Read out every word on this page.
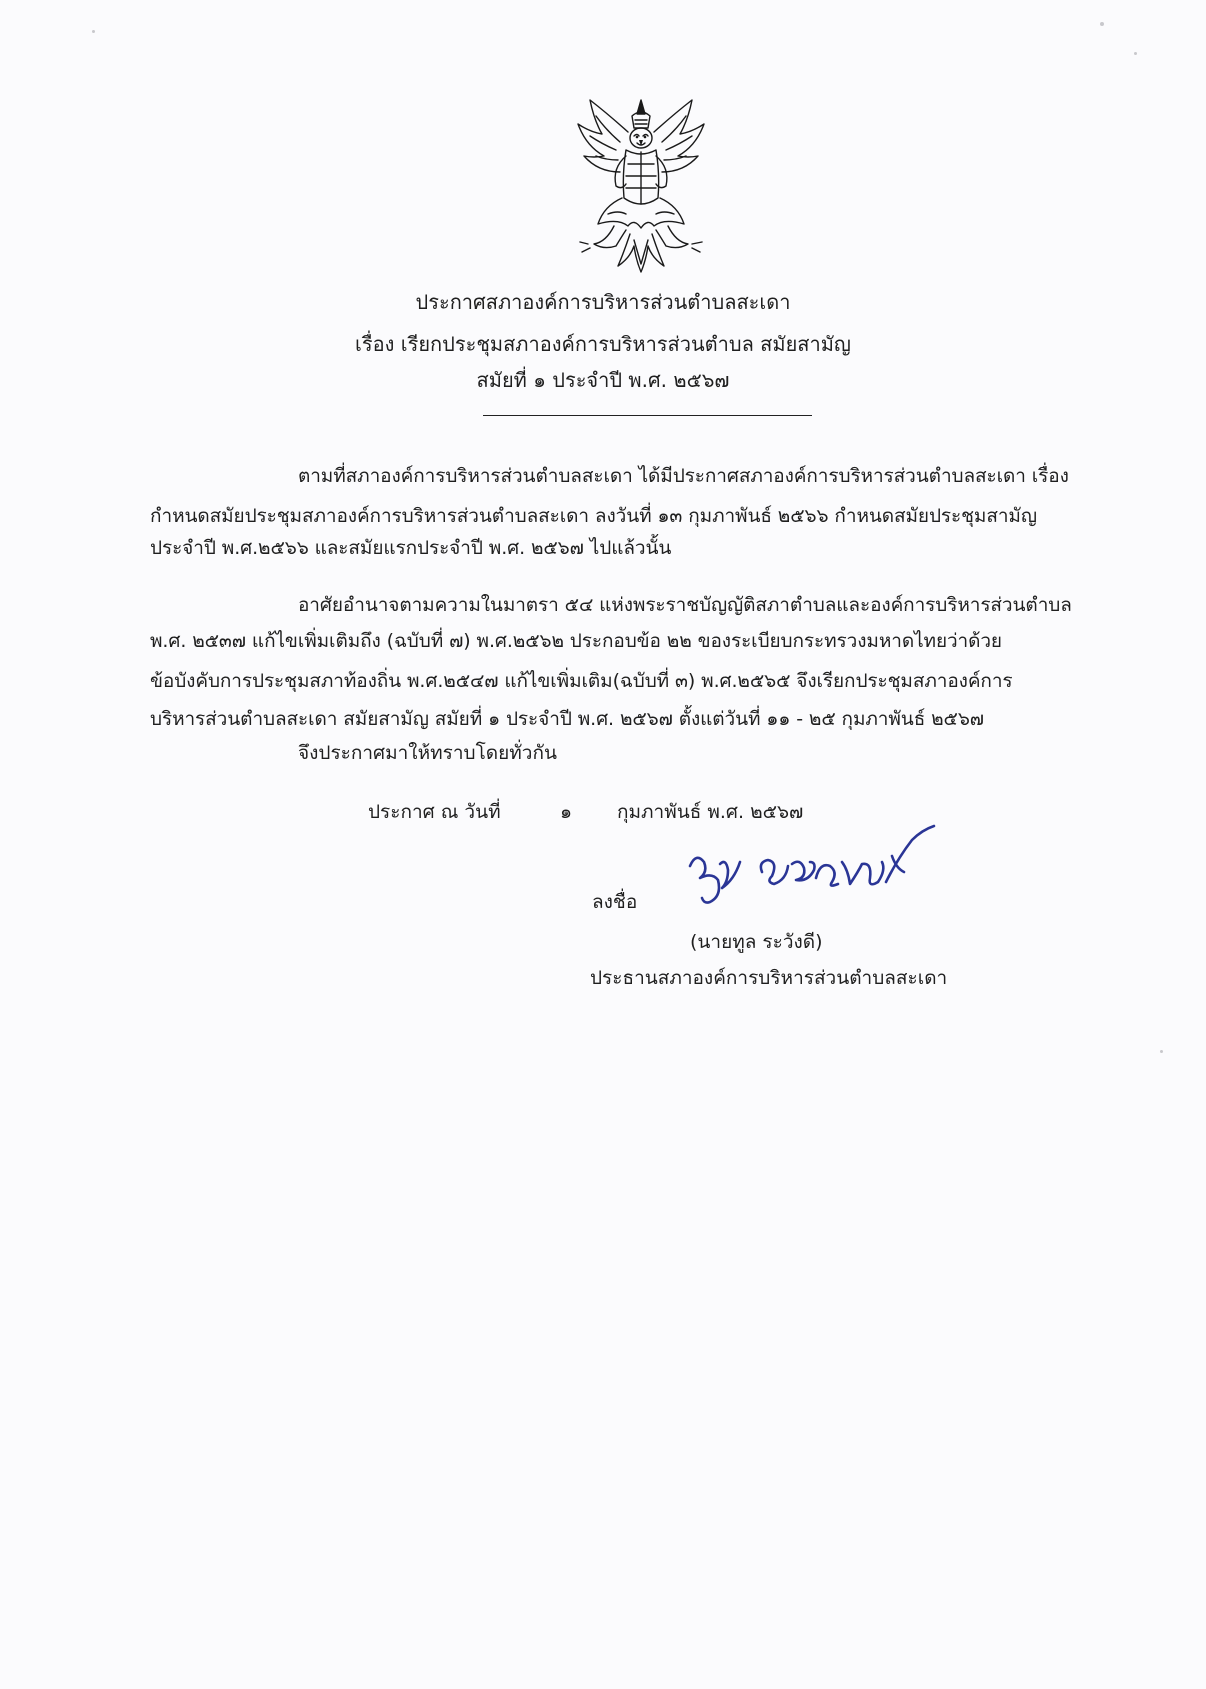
ประกาศสภาองค์การบริหารส่วนตำบลสะเดา
เรื่อง เรียกประชุมสภาองค์การบริหารส่วนตำบล สมัยสามัญ
สมัยที่ ๑ ประจำปี พ.ศ. ๒๕๖๗
ตามที่สภาองค์การบริหารส่วนตำบลสะเดา ได้มีประกาศสภาองค์การบริหารส่วนตำบลสะเดา เรื่อง
กำหนดสมัยประชุมสภาองค์การบริหารส่วนตำบลสะเดา ลงวันที่ ๑๓ กุมภาพันธ์ ๒๕๖๖ กำหนดสมัยประชุมสามัญ
ประจำปี พ.ศ.๒๕๖๖ และสมัยแรกประจำปี พ.ศ. ๒๕๖๗ ไปแล้วนั้น
อาศัยอำนาจตามความในมาตรา ๕๔ แห่งพระราชบัญญัติสภาตำบลและองค์การบริหารส่วนตำบล
พ.ศ. ๒๕๓๗ แก้ไขเพิ่มเติมถึง (ฉบับที่ ๗) พ.ศ.๒๕๖๒ ประกอบข้อ ๒๒ ของระเบียบกระทรวงมหาดไทยว่าด้วย
ข้อบังคับการประชุมสภาท้องถิ่น พ.ศ.๒๕๔๗ แก้ไขเพิ่มเติม(ฉบับที่ ๓) พ.ศ.๒๕๖๕ จึงเรียกประชุมสภาองค์การ
บริหารส่วนตำบลสะเดา สมัยสามัญ สมัยที่ ๑ ประจำปี พ.ศ. ๒๕๖๗ ตั้งแต่วันที่ ๑๑ - ๒๕ กุมภาพันธ์ ๒๕๖๗
จึงประกาศมาให้ทราบโดยทั่วกัน
ประกาศ ณ วันที่	๑ กุมภาพันธ์ พ.ศ. ๒๕๖๗
ลงชื่อ
(นายทูล ระวังดี)
ประธานสภาองค์การบริหารส่วนตำบลสะเดา
